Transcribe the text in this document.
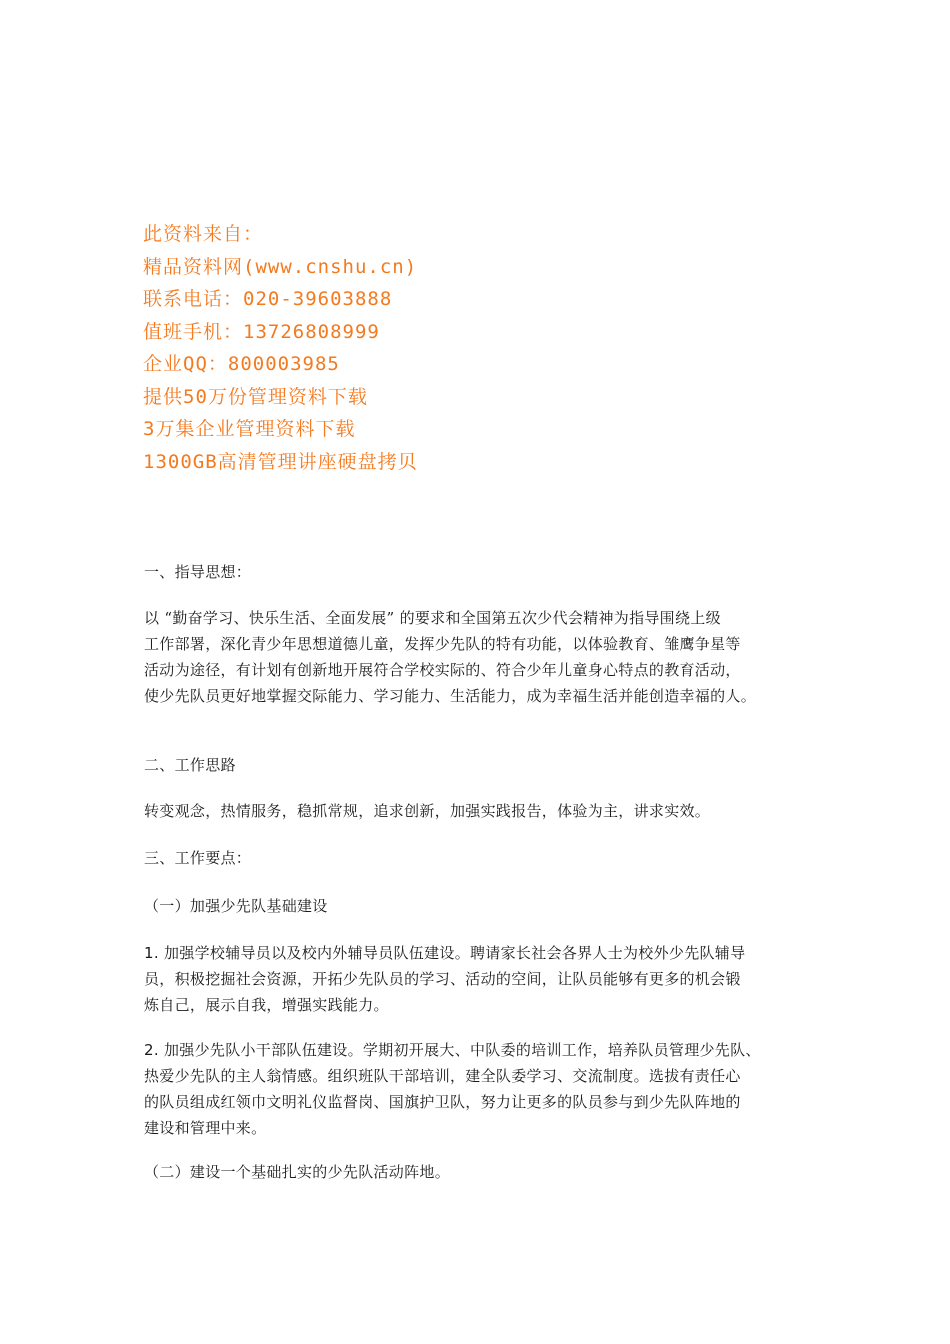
此资料来自：
精品资料网(www.cnshu.cn)
联系电话：020-39603888
值班手机：13726808999
企业QQ：800003985
提供50万份管理资料下载
3万集企业管理资料下载
1300GB高清管理讲座硬盘拷贝
一、指导思想：
以 “勤奋学习、快乐生活、全面发展” 的要求和全国第五次少代会精神为指导围绕上级
工作部署，深化青少年思想道德儿童，发挥少先队的特有功能，以体验教育、雏鹰争星等
活动为途径，有计划有创新地开展符合学校实际的、符合少年儿童身心特点的教育活动，
使少先队员更好地掌握交际能力、学习能力、生活能力，成为幸福生活并能创造幸福的人。
二、工作思路
转变观念，热情服务，稳抓常规，追求创新，加强实践报告，体验为主，讲求实效。
三、工作要点：
（一）加强少先队基础建设
1. 加强学校辅导员以及校内外辅导员队伍建设。聘请家长社会各界人士为校外少先队辅导
员，积极挖掘社会资源，开拓少先队员的学习、活动的空间，让队员能够有更多的机会锻
炼自己，展示自我，增强实践能力。
2. 加强少先队小干部队伍建设。学期初开展大、中队委的培训工作，培养队员管理少先队、
热爱少先队的主人翁情感。组织班队干部培训，建全队委学习、交流制度。选拔有责任心
的队员组成红领巾文明礼仪监督岗、国旗护卫队，努力让更多的队员参与到少先队阵地的
建设和管理中来。
（二）建设一个基础扎实的少先队活动阵地。
